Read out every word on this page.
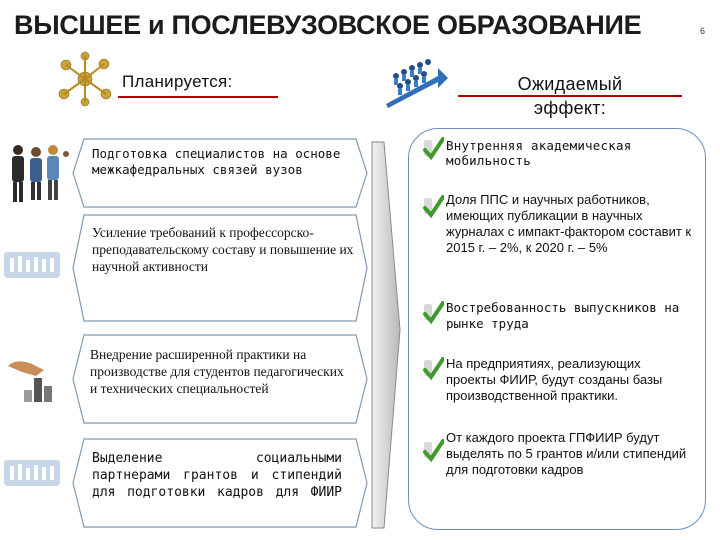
ВЫСШЕЕ и ПОСЛЕВУЗОВСКОЕ ОБРАЗОВАНИЕ	6
Планируется:	Ожидаемый
эффект:
Подготовка специалистов на основе межкафедральных связей вузов
Усиление требований к профессорско-преподавательскому составу и повышение их научной активности
Внедрение расширенной практики на производстве для студентов педагогических и технических специальностей
Выделение социальными партнерами грантов и стипендий для подготовки кадров для ФИИР
Внутренняя академическая мобильность
Доля ППС и научных работников, имеющих публикации в научных журналах с импакт-фактором составит к 2015 г. – 2%, к 2020 г. – 5%
Востребованность выпускников на рынке труда
На предприятиях, реализующих проекты ФИИР, будут созданы базы производственной практики.
От каждого проекта ГПФИИР будут выделять по 5 грантов и/или стипендий для подготовки кадров
